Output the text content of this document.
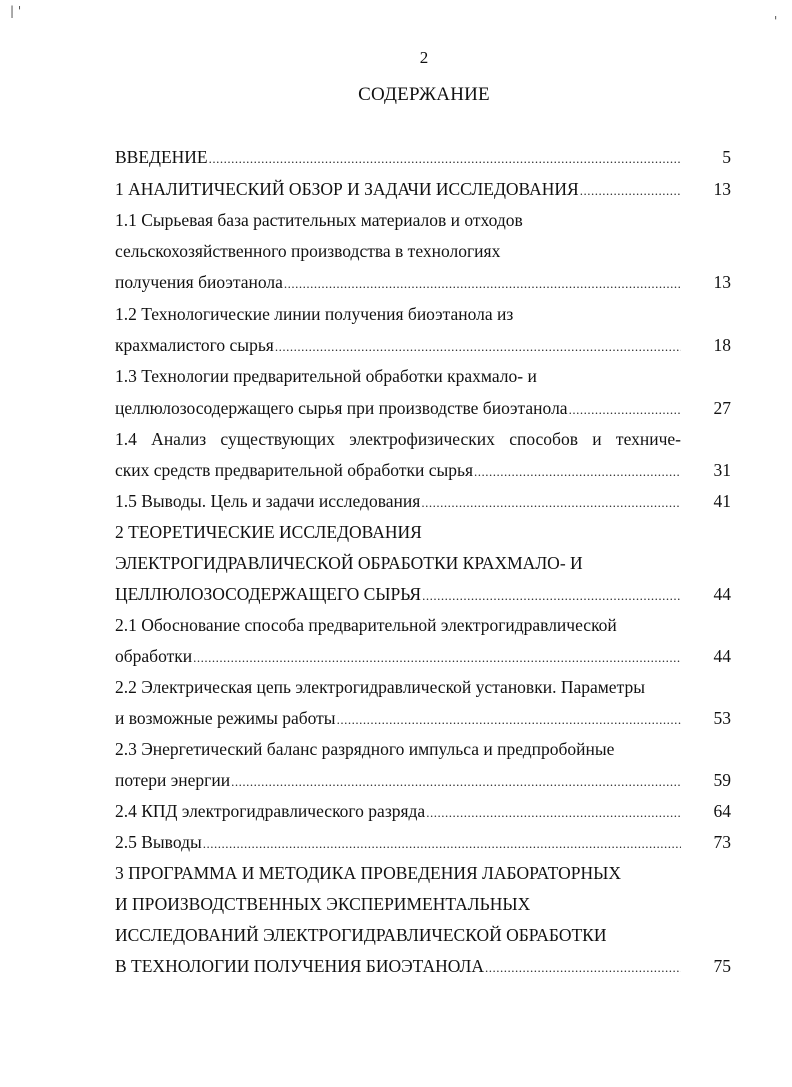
| '
'
2
СОДЕРЖАНИЕ
ВВЕДЕНИЕ .....	5
1 АНАЛИТИЧЕСКИЙ ОБЗОР И ЗАДАЧИ ИССЛЕДОВАНИЯ .....	13
1.1 Сырьевая база растительных материалов и отходов
сельскохозяйственного производства в технологиях
получения биоэтанола .....	13
1.2 Технологические линии получения биоэтанола из
крахмалистого сырья .....	18
1.3 Технологии предварительной обработки крахмало- и
целлюлозосодержащего сырья при производстве биоэтанола .....	27
1.4 Анализ существующих электрофизических способов и техниче-
ских средств предварительной обработки сырья .....	31
1.5 Выводы. Цель и задачи исследования .....	41
2 ТЕОРЕТИЧЕСКИЕ ИССЛЕДОВАНИЯ
ЭЛЕКТРОГИДРАВЛИЧЕСКОЙ ОБРАБОТКИ КРАХМАЛО- И
ЦЕЛЛЮЛОЗОСОДЕРЖАЩЕГО СЫРЬЯ .....	44
2.1 Обоснование способа предварительной электрогидравлической
обработки .....	44
2.2 Электрическая цепь электрогидравлической установки. Параметры
и возможные режимы работы .....	53
2.3 Энергетический баланс разрядного импульса и предпробойные
потери энергии .....	59
2.4 КПД электрогидравлического разряда .....	64
2.5 Выводы .....	73
3 ПРОГРАММА И МЕТОДИКА ПРОВЕДЕНИЯ ЛАБОРАТОРНЫХ
И ПРОИЗВОДСТВЕННЫХ ЭКСПЕРИМЕНТАЛЬНЫХ
ИССЛЕДОВАНИЙ ЭЛЕКТРОГИДРАВЛИЧЕСКОЙ ОБРАБОТКИ
В ТЕХНОЛОГИИ ПОЛУЧЕНИЯ БИОЭТАНОЛА .....	75
